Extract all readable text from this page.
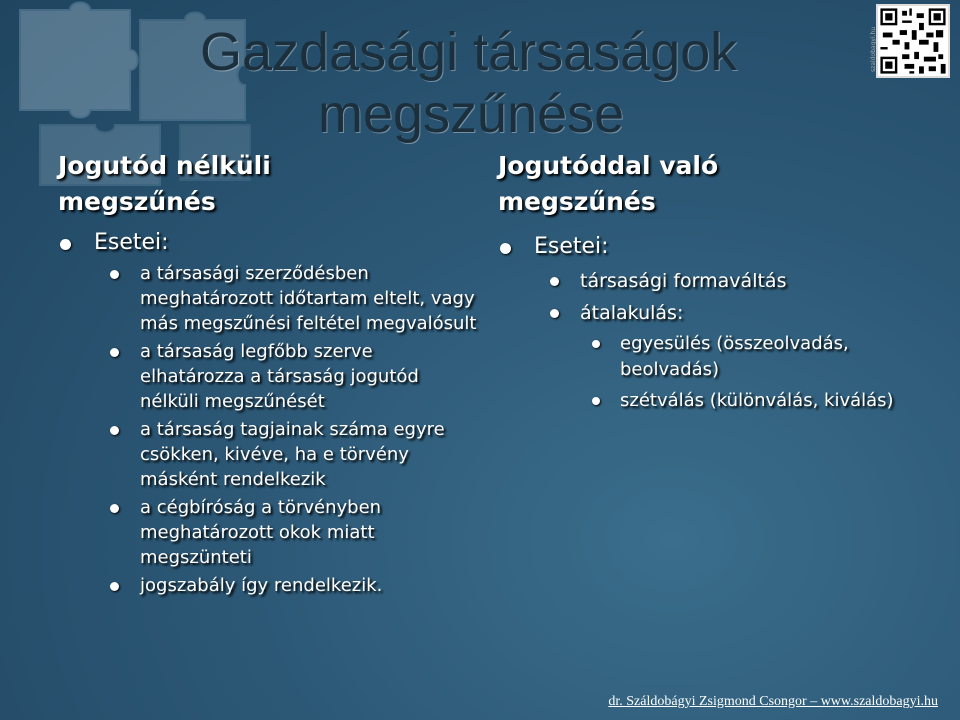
Gazdasági társaságok
megszűnése
szaldobagyi.hu
Jogutód nélküli
megszűnés
Esetei:
a társasági szerződésben meghatározott időtartam eltelt, vagy más megszűnési feltétel megvalósult
a társaság legfőbb szerve elhatározza a társaság jogutód nélküli megszűnését
a társaság tagjainak száma egyre csökken, kivéve, ha e törvény másként rendelkezik
a cégbíróság a törvényben meghatározott okok miatt megszünteti
jogszabály így rendelkezik.
Jogutóddal való
megszűnés
Esetei:
társasági formaváltás
átalakulás:
egyesülés (összeolvadás, beolvadás)
szétválás (különválás, kiválás)
dr. Száldobágyi Zsigmond Csongor – www.szaldobagyi.hu
